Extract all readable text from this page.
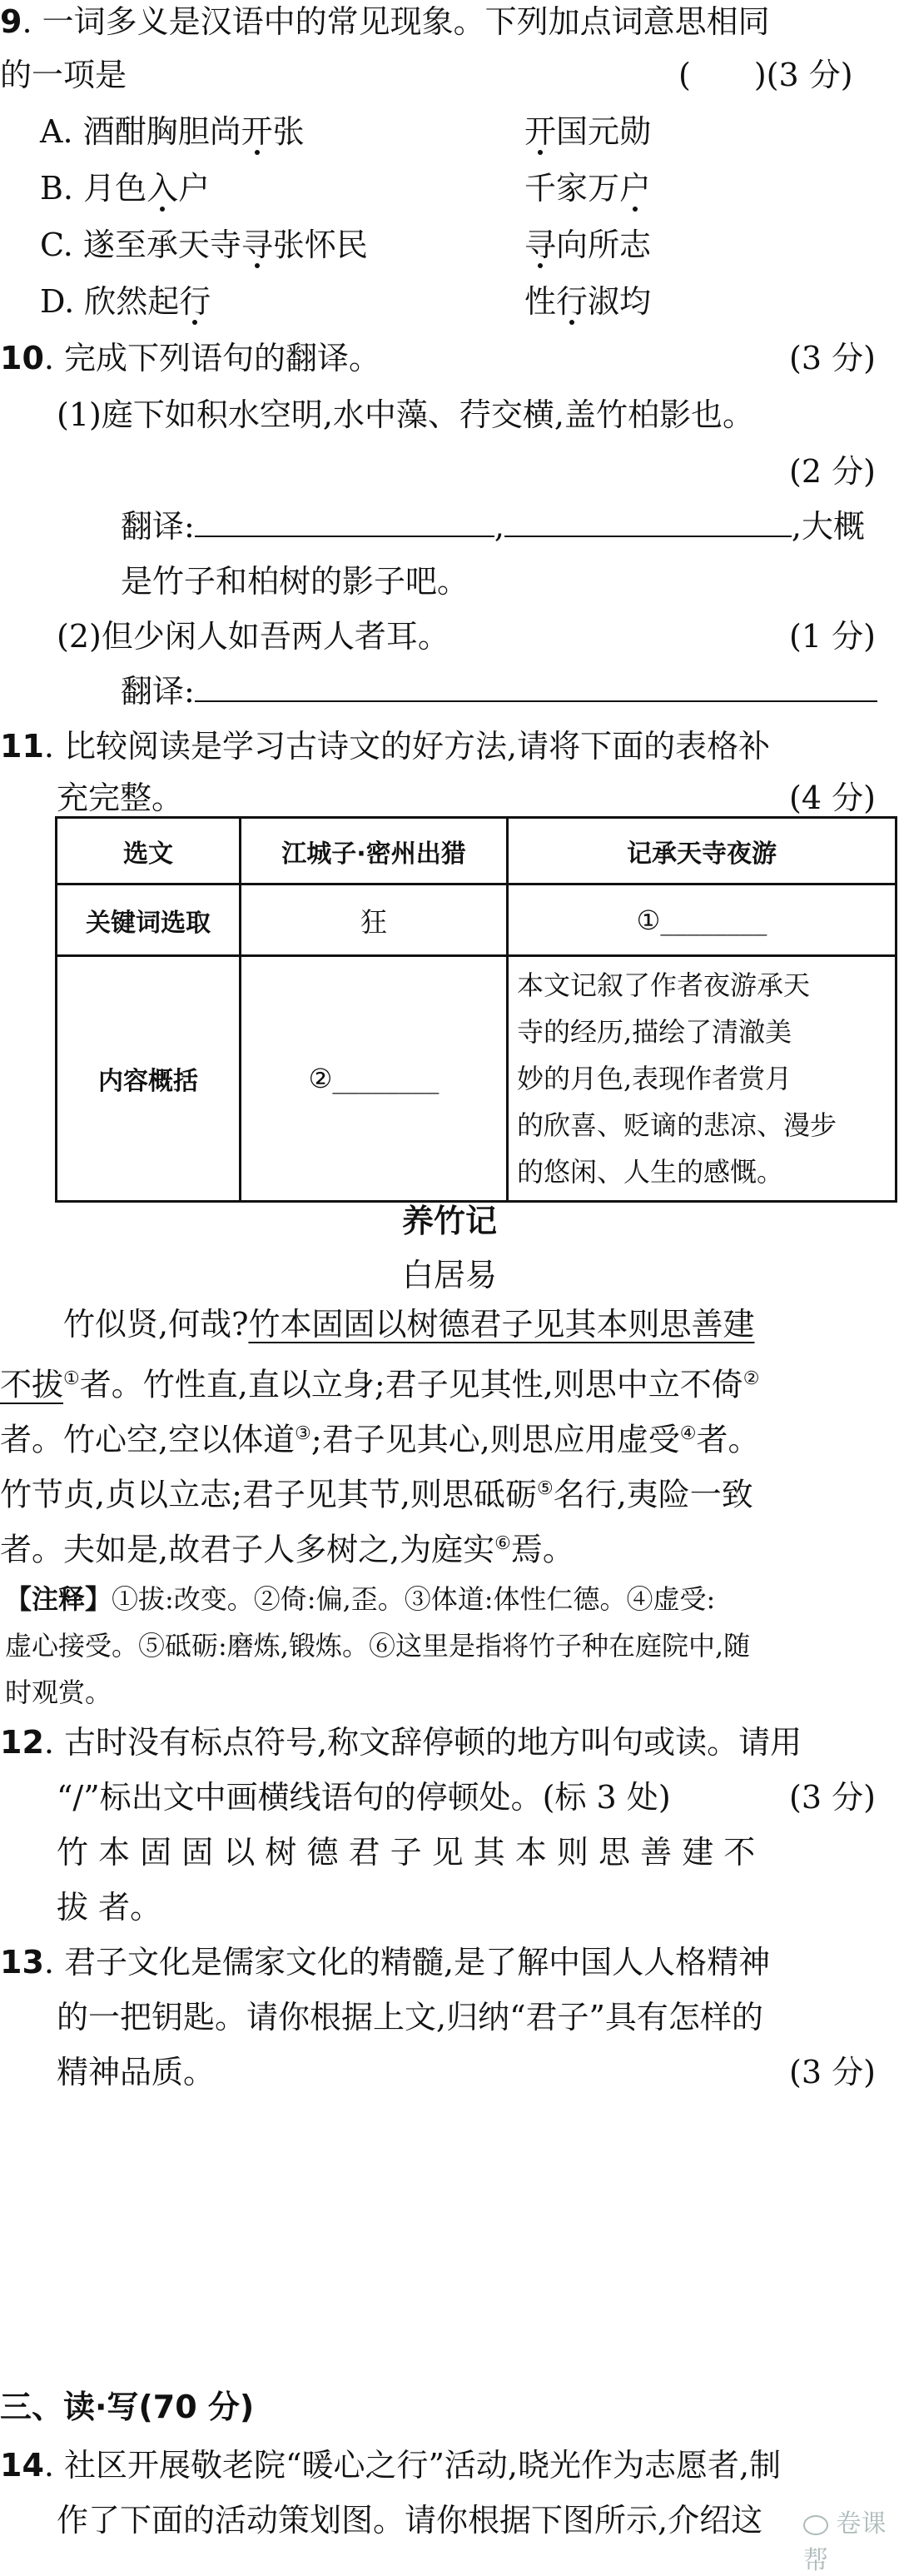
9. 一词多义是汉语中的常见现象。下列加点词意思相同
的一项是	(　　)(3 分)
A. 酒酣胸胆尚开张	开国元勋
B. 月色入户	千家万户
C. 遂至承天寺寻张怀民	寻向所志
D. 欣然起行	性行淑均
10. 完成下列语句的翻译。	(3 分)
(1)庭下如积水空明,水中藻、荇交横,盖竹柏影也。
(2 分)
翻译:	,	,大概
是竹子和柏树的影子吧。
(2)但少闲人如吾两人者耳。	(1 分)
翻译:
11. 比较阅读是学习古诗文的好方法,请将下面的表格补
充完整。	(4 分)
选文	江城子·密州出猎	记承天寺夜游
关键词选取	狂	①________
内容概括	②________	本文记叙了作者夜游承天
寺的经历,描绘了清澈美
妙的月色,表现作者赏月
的欣喜、贬谪的悲凉、漫步
的悠闲、人生的感慨。
养竹记
白居易
　　竹似贤,何哉?竹本固固以树德君子见其本则思善建
不拔①者。竹性直,直以立身;君子见其性,则思中立不倚②
者。竹心空,空以体道③;君子见其心,则思应用虚受④者。
竹节贞,贞以立志;君子见其节,则思砥砺⑤名行,夷险一致
者。夫如是,故君子人多树之,为庭实⑥焉。
【注释】①拔:改变。②倚:偏,歪。③体道:体性仁德。④虚受:
虚心接受。⑤砥砺:磨炼,锻炼。⑥这里是指将竹子种在庭院中,随
时观赏。
12. 古时没有标点符号,称文辞停顿的地方叫句或读。请用
“/”标出文中画横线语句的停顿处。(标 3 处)	(3 分)
竹 本 固 固 以 树 德 君 子 见 其 本 则 思 善 建 不
拔 者。
13. 君子文化是儒家文化的精髓,是了解中国人人格精神
的一把钥匙。请你根据上文,归纳“君子”具有怎样的
精神品质。	(3 分)
三、读·写(70 分)
14. 社区开展敬老院“暖心之行”活动,晓光作为志愿者,制
作了下面的活动策划图。请你根据下图所示,介绍这	卷课帮
